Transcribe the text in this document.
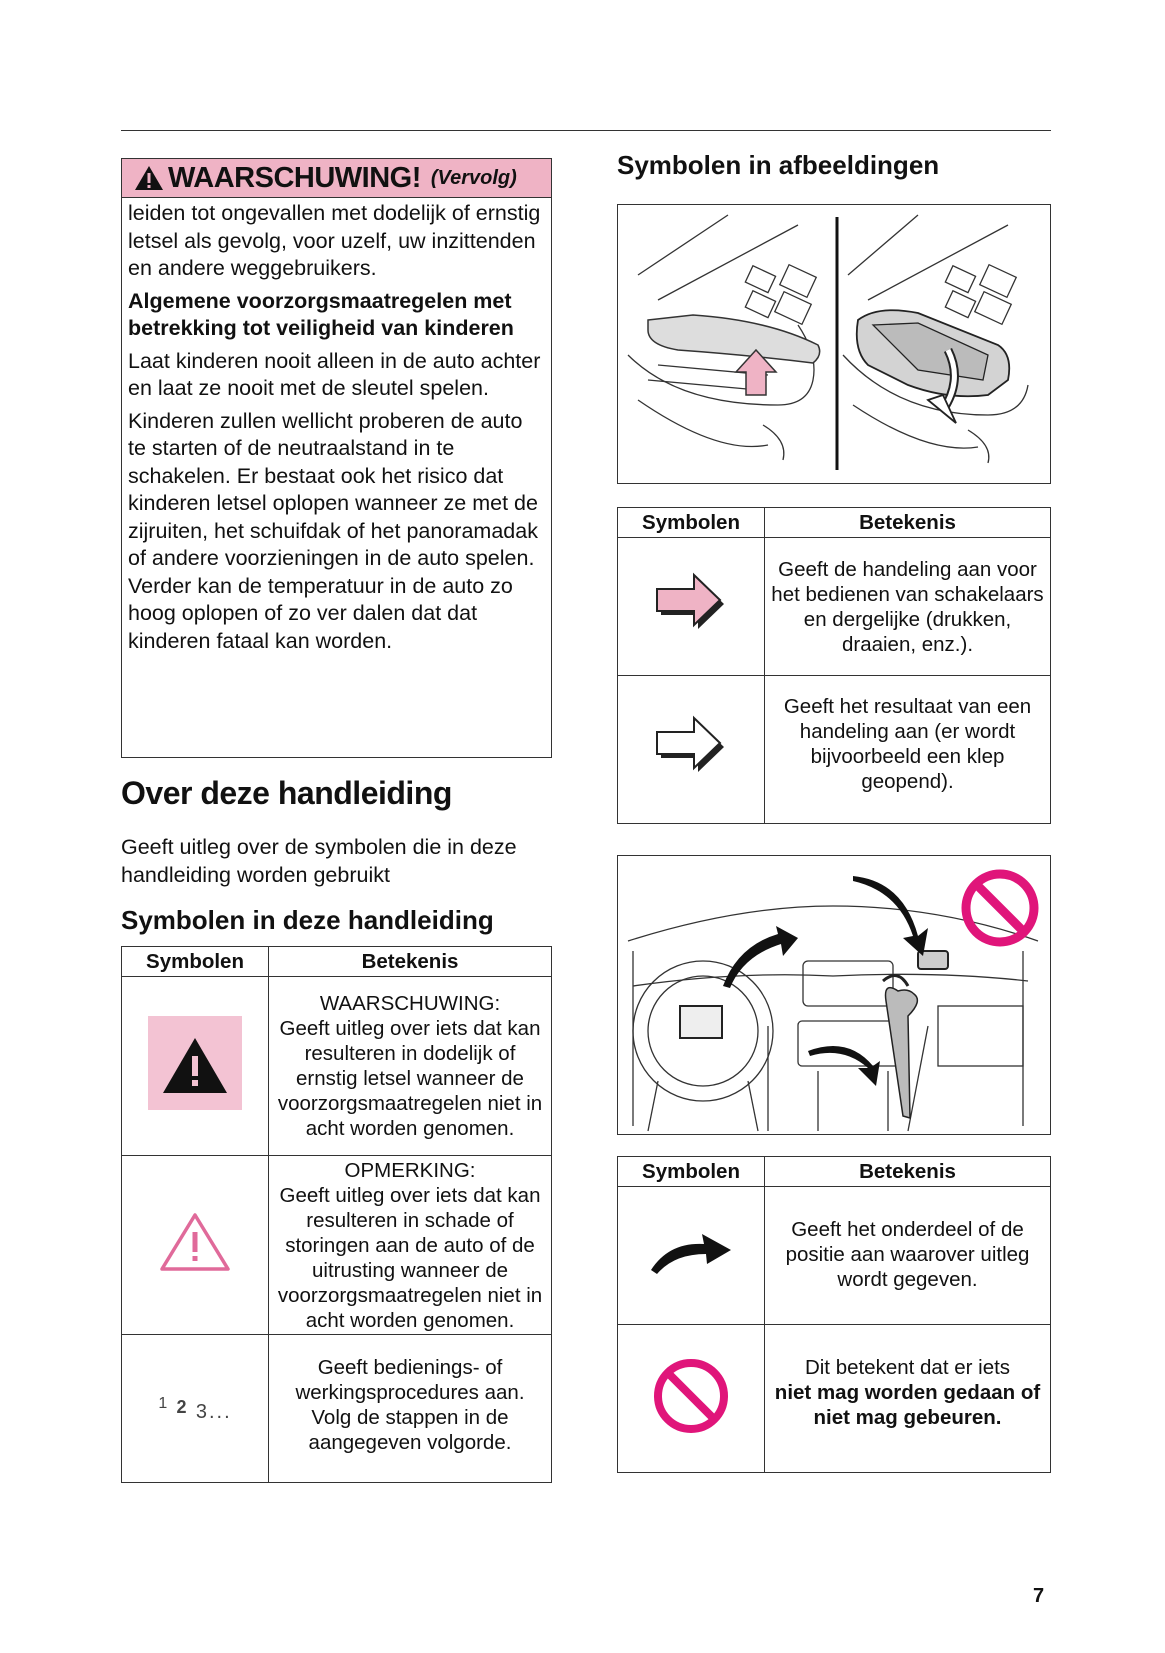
WAARSCHUWING! (Vervolg)

leiden tot ongevallen met dodelijk of ernstig letsel als gevolg, voor uzelf, uw inzittenden en andere weggebruikers.

Algemene voorzorgsmaatregelen met betrekking tot veiligheid van kinderen

Laat kinderen nooit alleen in de auto achter en laat ze nooit met de sleutel spelen.

Kinderen zullen wellicht proberen de auto te starten of de neutraalstand in te schakelen. Er bestaat ook het risico dat kinderen letsel oplopen wanneer ze met de zijruiten, het schuifdak of het panoramadak of andere voorzieningen in de auto spelen. Verder kan de temperatuur in de auto zo hoog oplopen of zo ver dalen dat dat kinderen fataal kan worden.

Over deze handleiding
Geeft uitleg over de symbolen die in deze handleiding worden gebruikt
Symbolen in deze handleiding
Symbolen	Betekenis
	WAARSCHUWING:
Geeft uitleg over iets dat kan resulteren in dodelijk of ernstig letsel wanneer de voorzorgsmaatregelen niet in acht worden genomen.
	OPMERKING:
Geeft uitleg over iets dat kan resulteren in schade of storingen aan de auto of de uitrusting wanneer de voorzorgsmaatregelen niet in acht worden genomen.
$^1$ 2 3...	Geeft bedienings- of werkingsprocedures aan. Volg de stappen in de aangegeven volgorde.
Symbolen in afbeeldingen
Symbolen	Betekenis
	Geeft de handeling aan voor het bedienen van schakelaars en dergelijke (drukken, draaien, enz.).
	Geeft het resultaat van een handeling aan (er wordt bijvoorbeeld een klep geopend).
Symbolen	Betekenis
	Geeft het onderdeel of de positie aan waarover uitleg wordt gegeven.
	Dit betekent dat er iets
niet mag worden gedaan of niet mag gebeuren.
7
